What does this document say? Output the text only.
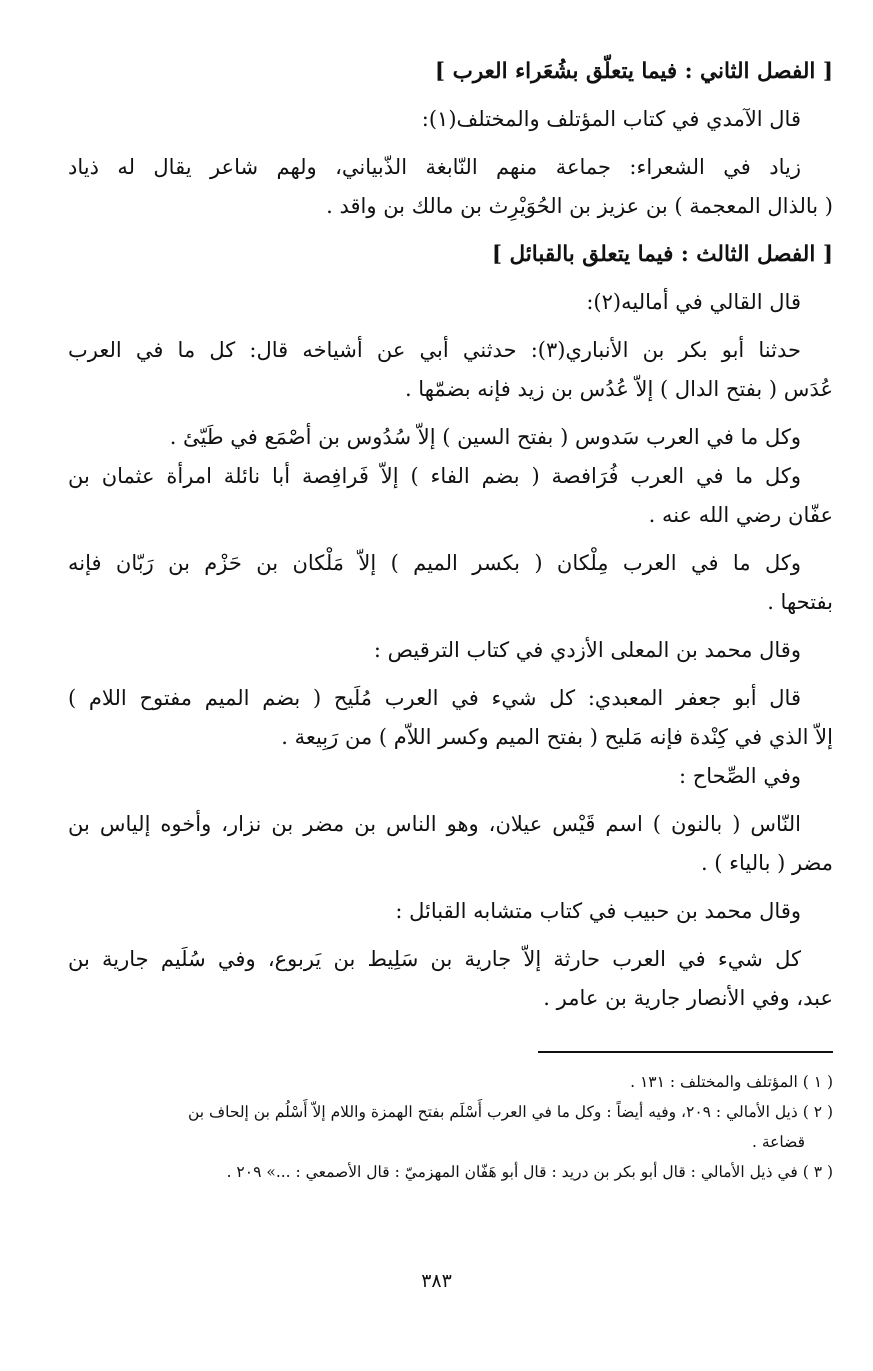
[ الفصل الثاني : فيما يتعلّق بشُعَراء العرب ]
قال الآمدي في كتاب المؤتلف والمختلف(١):
زياد في الشعراء: جماعة منهم النّابغة الذّبياني، ولهم شاعر يقال له ذياد
( بالذال المعجمة ) بن عزيز بن الحُوَيْرِث بن مالك بن واقد .
[ الفصل الثالث : فيما يتعلق بالقبائل ]
قال القالي في أماليه(٢):
حدثنا أبو بكر بن الأنباري(٣): حدثني أبي عن أشياخه قال: كل ما في العرب
عُدَس ( بفتح الدال ) إلاّ عُدُس بن زيد فإنه بضمّها .
وكل ما في العرب سَدوس ( بفتح السين ) إلاّ سُدُوس بن أصْمَع في طَيّئ .
وكل ما في العرب فُرَافصة ( بضم الفاء ) إلاّ فَرافِصة أبا نائلة امرأة عثمان بن
عفّان رضي الله عنه .
وكل ما في العرب مِلْكان ( بكسر الميم ) إلاّ مَلْكان بن حَزْم بن رَبّان فإنه
بفتحها .
وقال محمد بن المعلى الأزدي في كتاب الترقيص :
قال أبو جعفر المعبدي: كل شيء في العرب مُلَيح ( بضم الميم مفتوح اللام )
إلاّ الذي في كِنْدة فإنه مَليح ( بفتح الميم وكسر اللاّم ) من رَبِيعة .
وفي الصِّحاح :
النّاس ( بالنون ) اسم قَيْس عيلان، وهو الناس بن مضر بن نزار، وأخوه إلياس بن
مضر ( بالياء ) .
وقال محمد بن حبيب في كتاب متشابه القبائل :
كل شيء في العرب حارثة إلاّ جارية بن سَلِيط بن يَربوع، وفي سُلَيم جارية بن
عبد، وفي الأنصار جارية بن عامر .
( ١ ) المؤتلف والمختلف : ١٣١ .
( ٢ ) ذيل الأمالي : ٢٠٩، وفيه أيضاً : وكل ما في العرب أَسْلَم بفتح الهمزة واللام إلاّ أَسْلُم بن إلحاف بن
قضاعة .
( ٣ ) في ذيل الأمالي : قال أبو بكر بن دريد : قال أبو هَفّان المهزميّ : قال الأصمعي : ...» ٢٠٩ .
٣٨٣
